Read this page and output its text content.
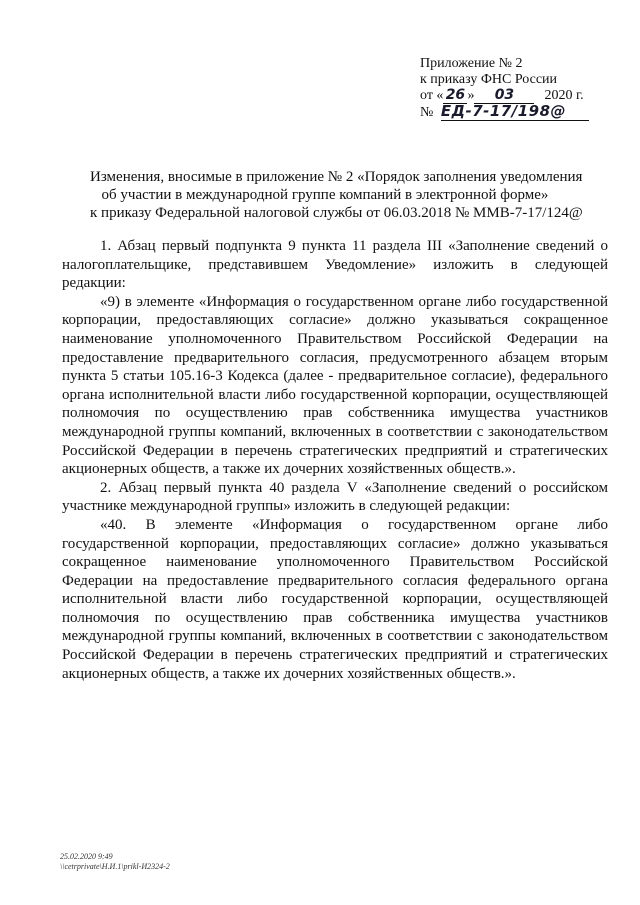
Приложение № 2
к приказу ФНС России
от « 26 » 03 2020 г.
№ ЕД-7-17/198@
Изменения, вносимые в приложение № 2 «Порядок заполнения уведомления
об участии в международной группе компаний в электронной форме»
к приказу Федеральной налоговой службы от 06.03.2018 № ММВ-7-17/124@

1. Абзац первый подпункта 9 пункта 11 раздела III «Заполнение сведений о налогоплательщике, представившем Уведомление» изложить в следующей редакции:

«9) в элементе «Информация о государственном органе либо государственной корпорации, предоставляющих согласие» должно указываться сокращенное наименование уполномоченного Правительством Российской Федерации на предоставление предварительного согласия, предусмотренного абзацем вторым пункта 5 статьи 105.16-3 Кодекса (далее - предварительное согласие), федерального органа исполнительной власти либо государственной корпорации, осуществляющей полномочия по осуществлению прав собственника имущества участников международной группы компаний, включенных в соответствии с законодательством Российской Федерации в перечень стратегических предприятий и стратегических акционерных обществ, а также их дочерних хозяйственных обществ.».

2. Абзац первый пункта 40 раздела V «Заполнение сведений о российском участнике международной группы» изложить в следующей редакции:

«40. В элементе «Информация о государственном органе либо государственной корпорации, предоставляющих согласие» должно указываться сокращенное наименование уполномоченного Правительством Российской Федерации на предоставление предварительного согласия федерального органа исполнительной власти либо государственной корпорации, осуществляющей полномочия по осуществлению прав собственника имущества участников международной группы компаний, включенных в соответствии с законодательством Российской Федерации в перечень стратегических предприятий и стратегических акционерных обществ, а также их дочерних хозяйственных обществ.».

25.02.2020 9:49
\\cetrprivate\Н.И.1\prikl-И2324-2
